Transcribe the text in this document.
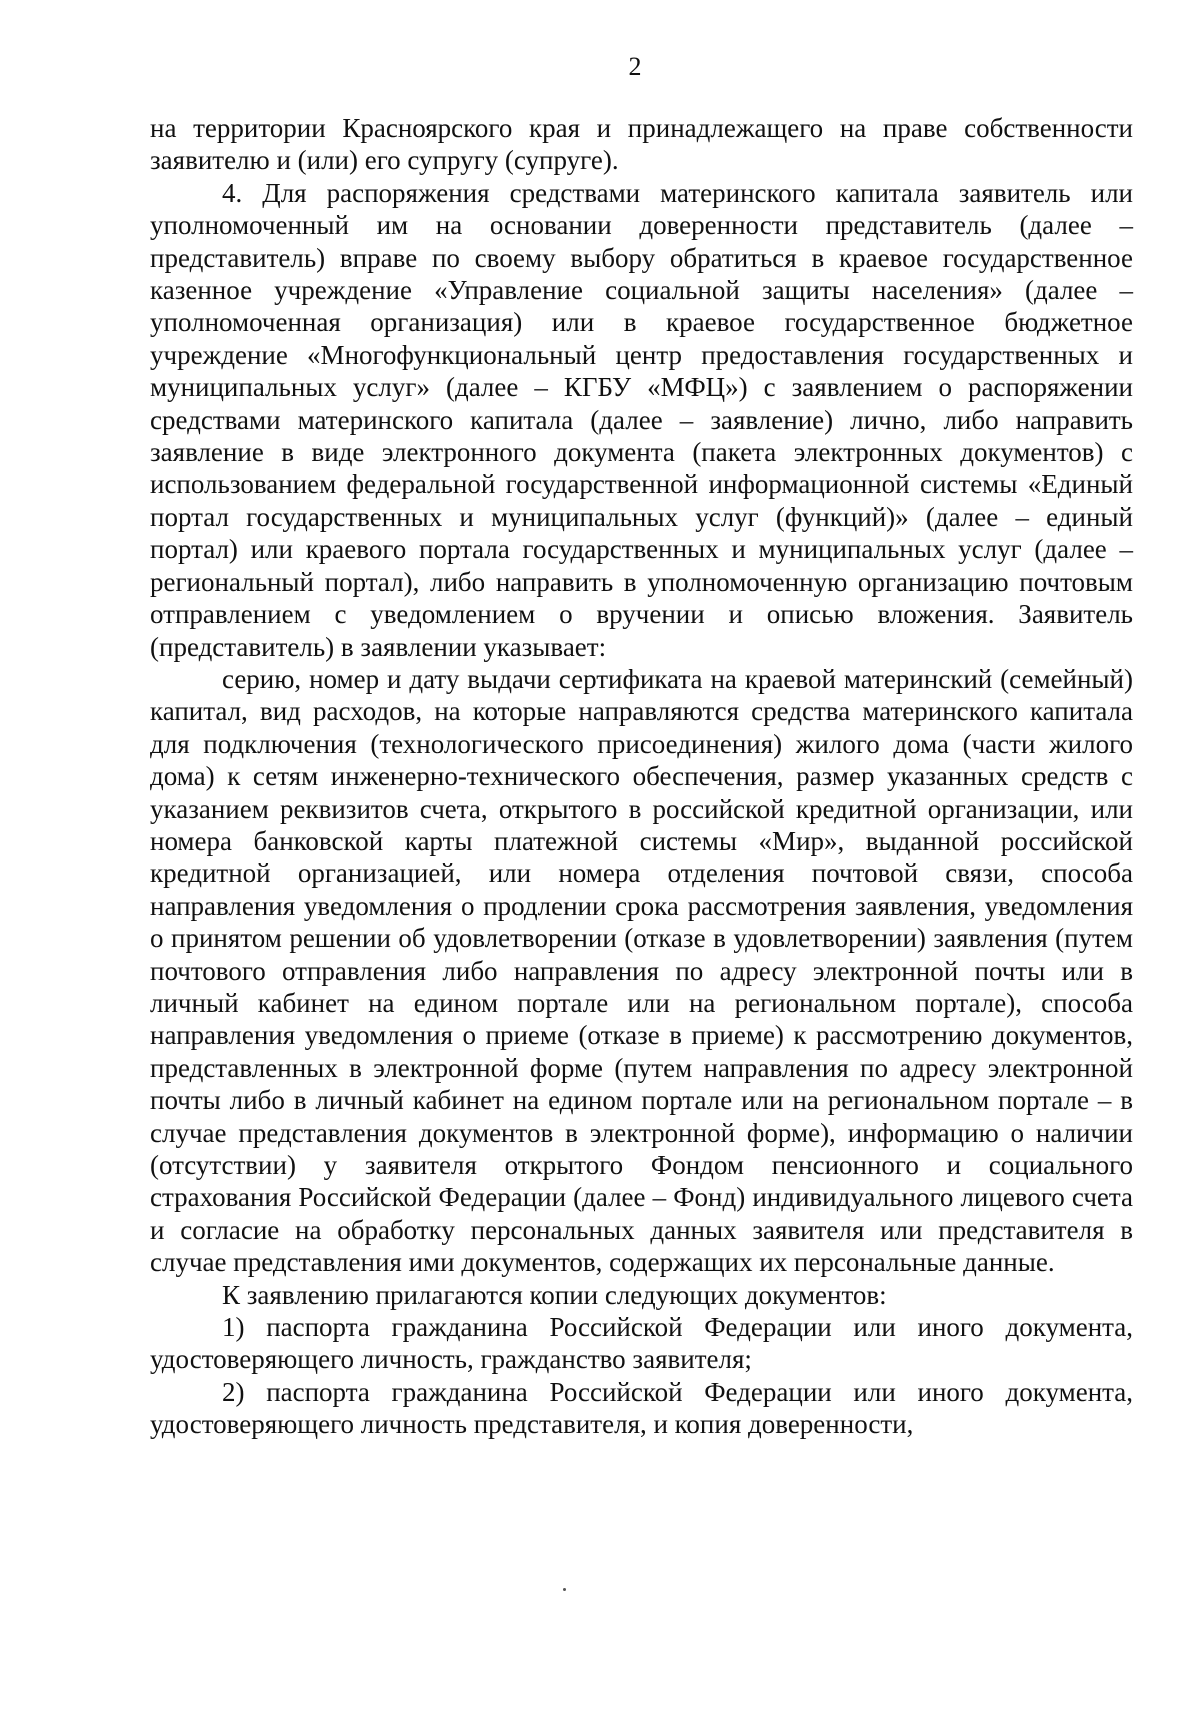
2

на территории Красноярского края и принадлежащего на праве собственности заявителю и (или) его супругу (супруге).

4. Для распоряжения средствами материнского капитала заявитель или уполномоченный им на основании доверенности представитель (далее – представитель) вправе по своему выбору обратиться в краевое государственное казенное учреждение «Управление социальной защиты населения» (далее – уполномоченная организация) или в краевое государственное бюджетное учреждение «Многофункциональный центр предоставления государственных и муниципальных услуг» (далее – КГБУ «МФЦ») с заявлением о распоряжении средствами материнского капитала (далее – заявление) лично, либо направить заявление в виде электронного документа (пакета электронных документов) с использованием федеральной государственной информационной системы «Единый портал государственных и муниципальных услуг (функций)» (далее – единый портал) или краевого портала государственных и муниципальных услуг (далее – региональный портал), либо направить в уполномоченную организацию почтовым отправлением с уведомлением о вручении и описью вложения. Заявитель (представитель) в заявлении указывает:

серию, номер и дату выдачи сертификата на краевой материнский (семейный) капитал, вид расходов, на которые направляются средства материнского капитала для подключения (технологического присоединения) жилого дома (части жилого дома) к сетям инженерно-технического обеспечения, размер указанных средств с указанием реквизитов счета, открытого в российской кредитной организации, или номера банковской карты платежной системы «Мир», выданной российской кредитной организацией, или номера отделения почтовой связи, способа направления уведомления о продлении срока рассмотрения заявления, уведомления о принятом решении об удовлетворении (отказе в удовлетворении) заявления (путем почтового отправления либо направления по адресу электронной почты или в личный кабинет на едином портале или на региональном портале), способа направления уведомления о приеме (отказе в приеме) к рассмотрению документов, представленных в электронной форме (путем направления по адресу электронной почты либо в личный кабинет на едином портале или на региональном портале – в случае представления документов в электронной форме), информацию о наличии (отсутствии) у заявителя открытого Фондом пенсионного и социального страхования Российской Федерации (далее – Фонд) индивидуального лицевого счета и согласие на обработку персональных данных заявителя или представителя в случае представления ими документов, содержащих их персональные данные.

К заявлению прилагаются копии следующих документов:

1) паспорта гражданина Российской Федерации или иного документа, удостоверяющего личность, гражданство заявителя;

2) паспорта гражданина Российской Федерации или иного документа, удостоверяющего личность представителя, и копия доверенности,
